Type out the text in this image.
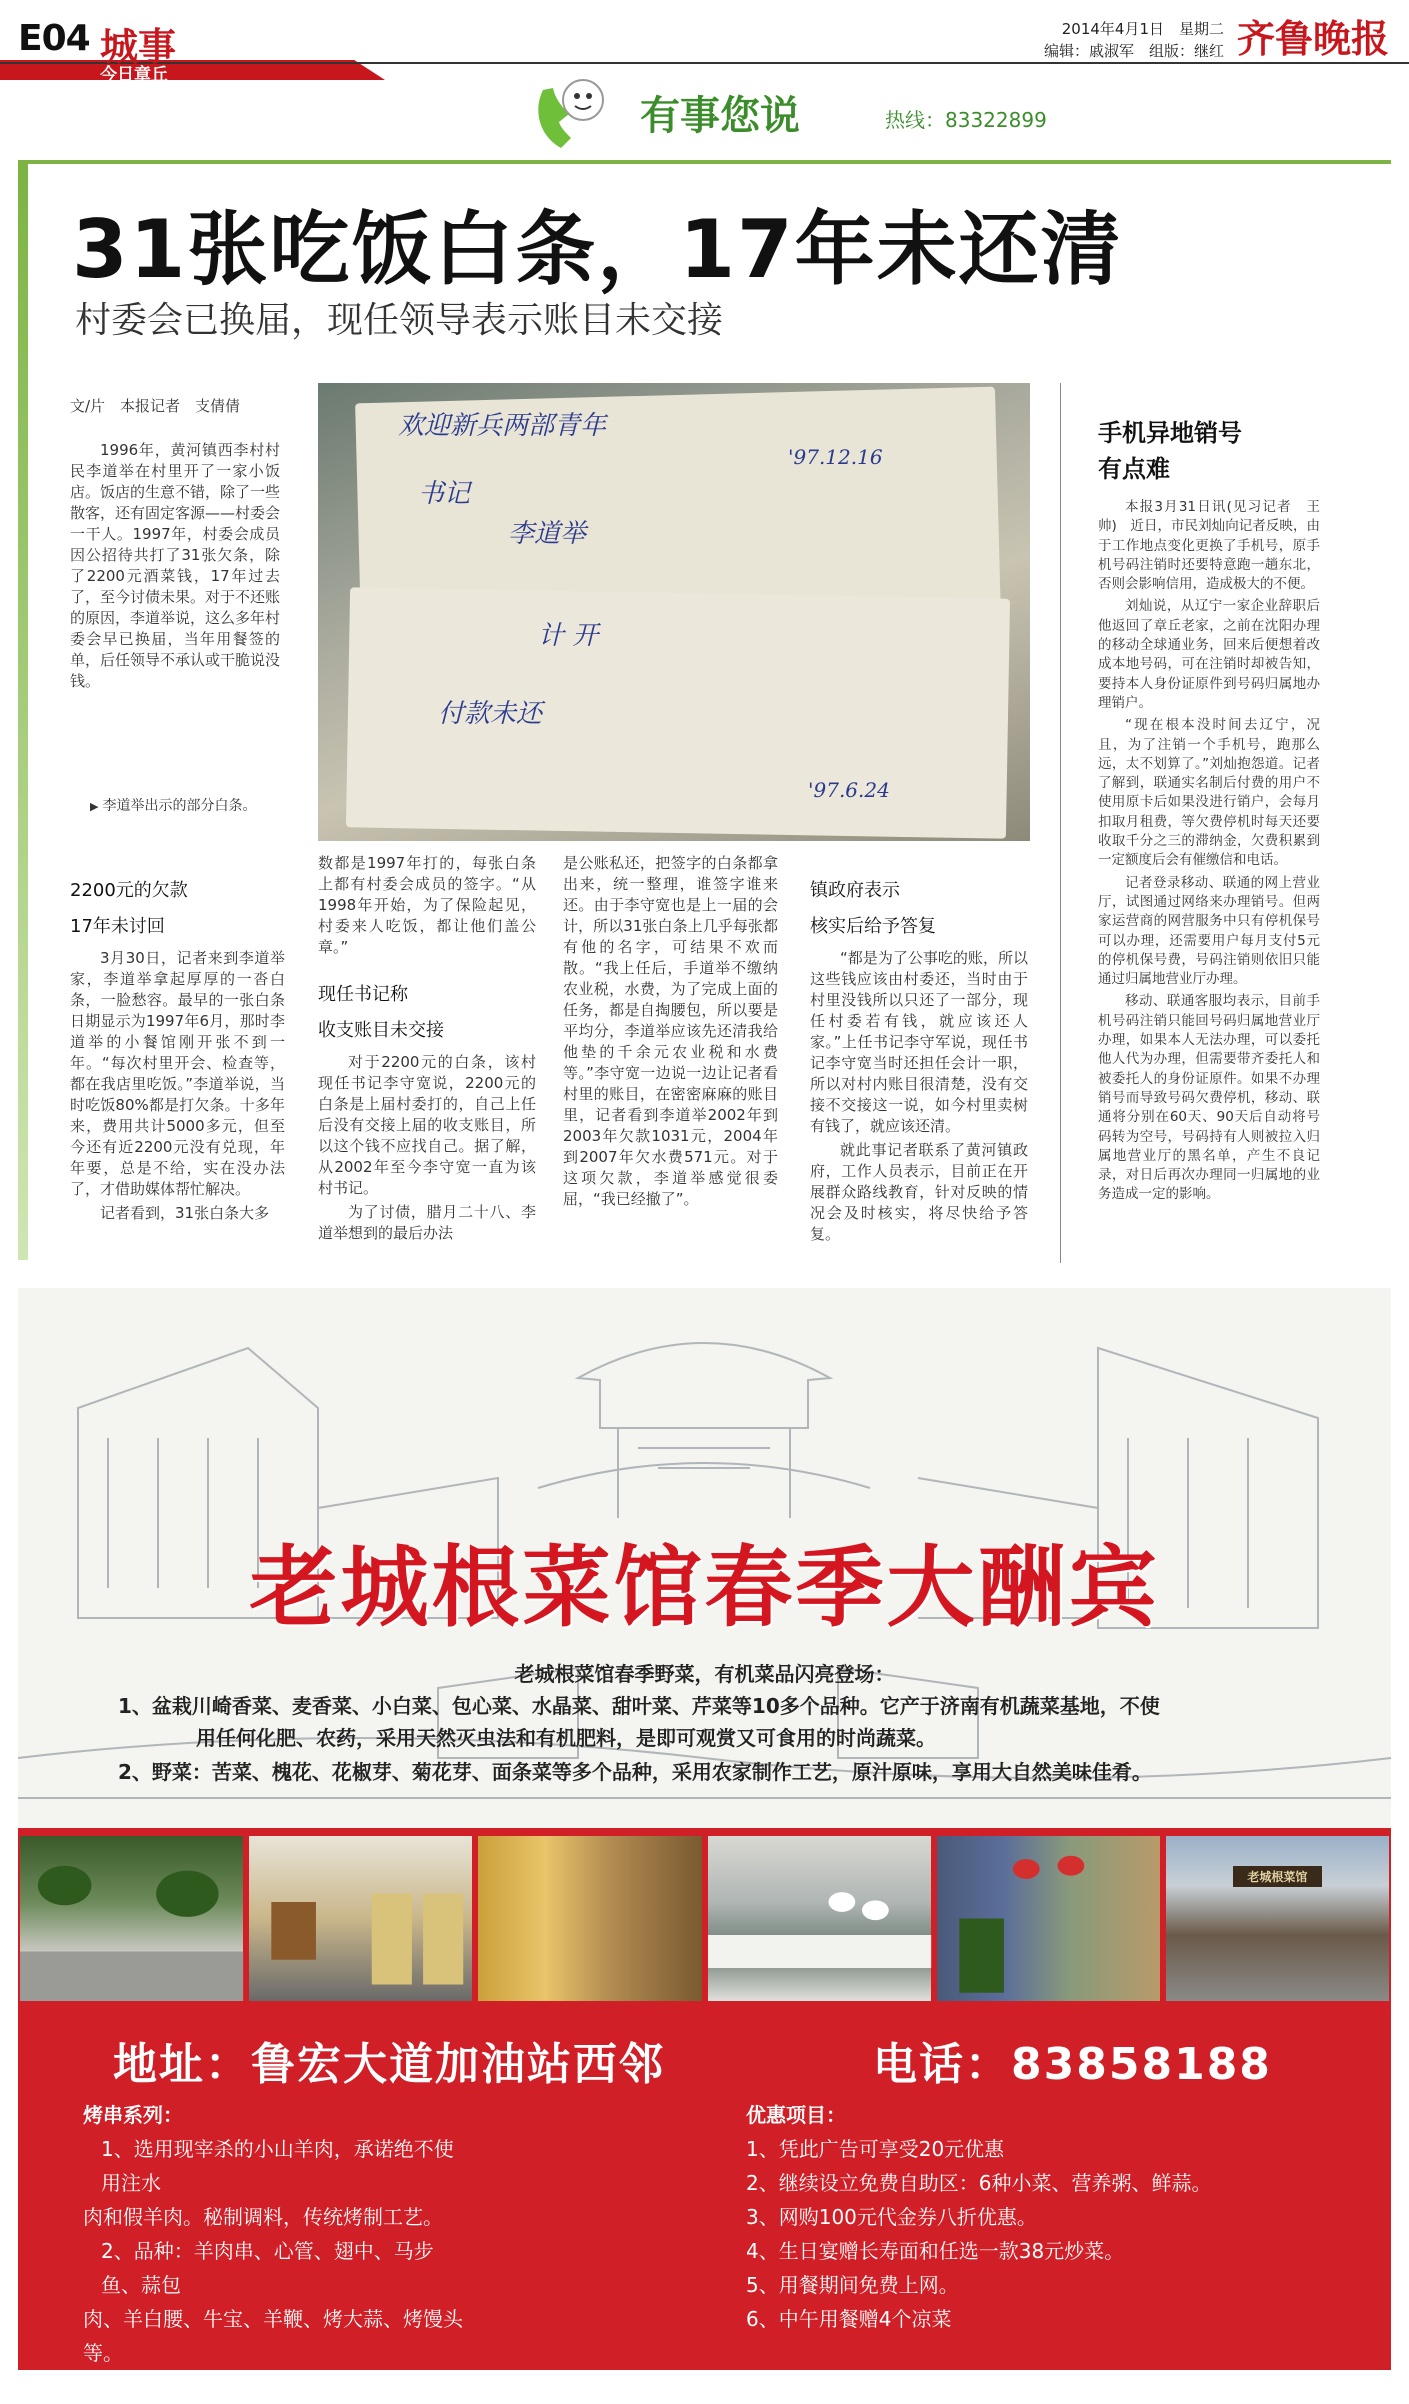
E04 城事
今日章丘
2014年4月1日　星期二
编辑：戚淑军　组版：继红 齐鲁晚报
有事您说	热线：83322899
31张吃饭白条，17年未还清
村委会已换届，现任领导表示账目未交接
文/片　本报记者　支倩倩

1996年，黄河镇西李村村民李道举在村里开了一家小饭店。饭店的生意不错，除了一些散客，还有固定客源——村委会一干人。1997年，村委会成员因公招待共打了31张欠条，除了2200元酒菜钱，17年过去了，至今讨债未果。对于不还账的原因，李道举说，这么多年村委会早已换届，当年用餐签的单，后任领导不承认或干脆说没钱。

▶ 李道举出示的部分白条。
欢迎新兵两部青年
'97.12.16
书记
李道举
计 开
付款未还
'97.6.24
2200元的欠款
17年未讨回

3月30日，记者来到李道举家，李道举拿起厚厚的一沓白条，一脸愁容。最早的一张白条日期显示为1997年6月，那时李道举的小餐馆刚开张不到一年。“每次村里开会、检查等，都在我店里吃饭。”李道举说，当时吃饭80%都是打欠条。十多年来，费用共计5000多元，但至今还有近2200元没有兑现，年年要，总是不给，实在没办法了，才借助媒体帮忙解决。

记者看到，31张白条大多

数都是1997年打的，每张白条上都有村委会成员的签字。“从1998年开始，为了保险起见，村委来人吃饭，都让他们盖公章。”

现任书记称
收支账目未交接

对于2200元的白条，该村现任书记李守宽说，2200元的白条是上届村委打的，自己上任后没有交接上届的收支账目，所以这个钱不应找自己。据了解，从2002年至今李守宽一直为该村书记。

为了讨债，腊月二十八、李道举想到的最后办法

是公账私还，把签字的白条都拿出来，统一整理，谁签字谁来还。由于李守宽也是上一届的会计，所以31张白条上几乎每张都有他的名字，可结果不欢而散。“我上任后，手道举不缴纳农业税，水费，为了完成上面的任务，都是自掏腰包，所以要是平均分，李道举应该先还清我给他垫的千余元农业税和水费等。”李守宽一边说一边让记者看村里的账目，在密密麻麻的账目里，记者看到李道举2002年到2003年欠款1031元，2004年到2007年欠水费571元。对于这项欠款，李道举感觉很委屈，“我已经撤了”。

镇政府表示
核实后给予答复

“都是为了公事吃的账，所以这些钱应该由村委还，当时由于村里没钱所以只还了一部分，现任村委若有钱，就应该还人家。”上任书记李守军说，现任书记李守宽当时还担任会计一职，所以对村内账目很清楚，没有交接不交接这一说，如今村里卖树有钱了，就应该还清。

就此事记者联系了黄河镇政府，工作人员表示，目前正在开展群众路线教育，针对反映的情况会及时核实，将尽快给予答复。

手机异地销号
有点难

本报3月31日讯(见习记者　王帅)　近日，市民刘灿向记者反映，由于工作地点变化更换了手机号，原手机号码注销时还要特意跑一趟东北，否则会影响信用，造成极大的不便。

刘灿说，从辽宁一家企业辞职后他返回了章丘老家，之前在沈阳办理的移动全球通业务，回来后便想着改成本地号码，可在注销时却被告知，要持本人身份证原件到号码归属地办理销户。

“现在根本没时间去辽宁，况且，为了注销一个手机号，跑那么远，太不划算了。”刘灿抱怨道。记者了解到，联通实名制后付费的用户不使用原卡后如果没进行销户，会每月扣取月租费，等欠费停机时每天还要收取千分之三的滞纳金，欠费积累到一定额度后会有催缴信和电话。

记者登录移动、联通的网上营业厅，试图通过网络来办理销号。但两家运营商的网营服务中只有停机保号可以办理，还需要用户每月支付5元的停机保号费，号码注销则依旧只能通过归属地营业厅办理。

移动、联通客服均表示，目前手机号码注销只能回号码归属地营业厅办理，如果本人无法办理，可以委托他人代为办理，但需要带齐委托人和被委托人的身份证原件。如果不办理销号而导致号码欠费停机，移动、联通将分别在60天、90天后自动将号码转为空号，号码持有人则被拉入归属地营业厅的黑名单，产生不良记录，对日后再次办理同一归属地的业务造成一定的影响。

老城根菜馆春季大酬宾
老城根菜馆春季野菜，有机菜品闪亮登场：
1、盆栽川崎香菜、麦香菜、小白菜、包心菜、水晶菜、甜叶菜、芹菜等10多个品种。它产于济南有机蔬菜基地，不使
用任何化肥、农药，采用天然灭虫法和有机肥料，是即可观赏又可食用的时尚蔬菜。
2、野菜：苦菜、槐花、花椒芽、菊花芽、面条菜等多个品种，采用农家制作工艺，原汁原味，享用大自然美味佳肴。
老城根菜馆
地址：鲁宏大道加油站西邻	电话：83858188
烤串系列：
1、选用现宰杀的小山羊肉，承诺绝不使用注水
肉和假羊肉。秘制调料，传统烤制工艺。
2、品种：羊肉串、心管、翅中、马步鱼、蒜包
肉、羊白腰、牛宝、羊鞭、烤大蒜、烤馒头等。
青岛扎啤开始上市
优惠项目：
1、凭此广告可享受20元优惠
2、继续设立免费自助区：6种小菜、营养粥、鲜蒜。
3、网购100元代金券八折优惠。
4、生日宴赠长寿面和任选一款38元炒菜。
5、用餐期间免费上网。
6、中午用餐赠4个凉菜
